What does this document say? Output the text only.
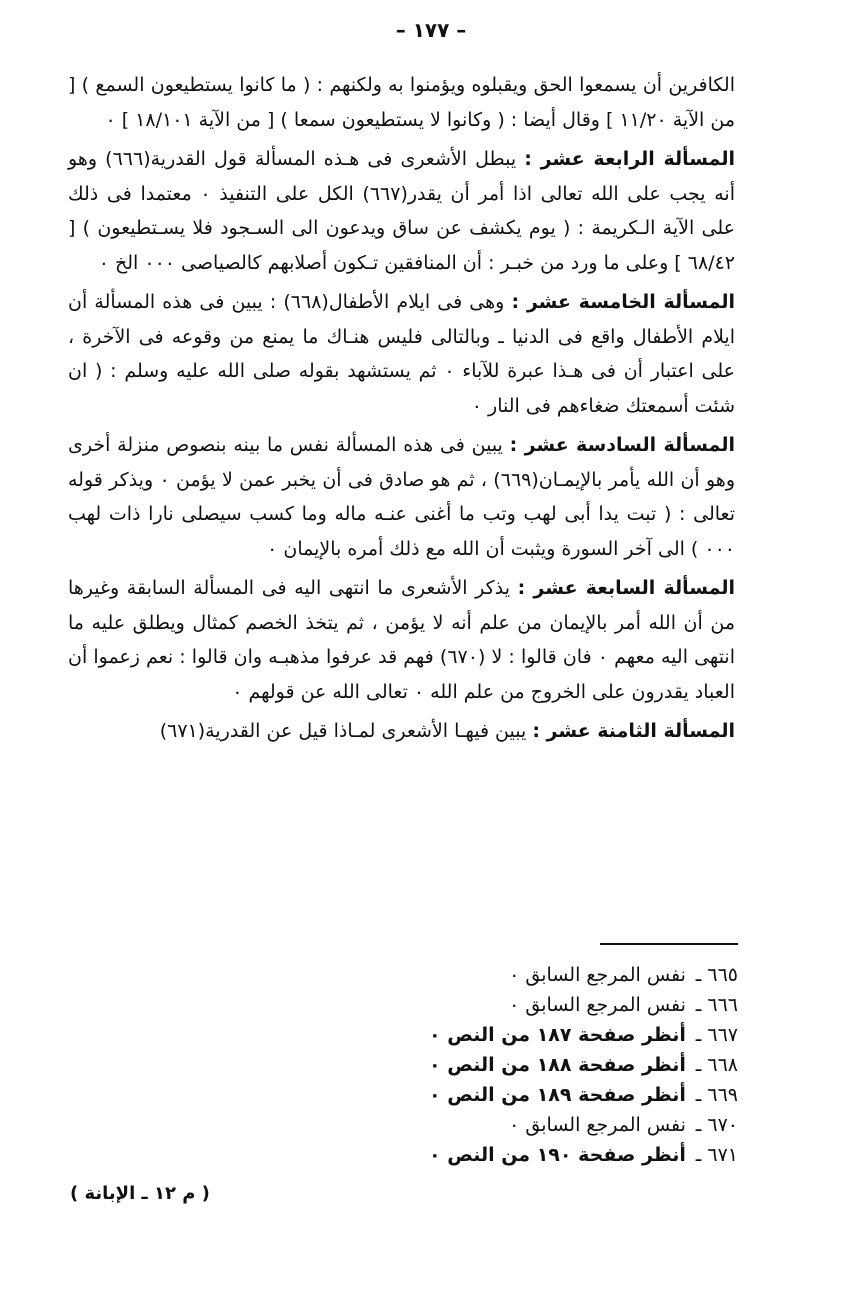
– ١٧٧ –

الكافرين أن يسمعوا الحق ويقبلوه ويؤمنوا به ولكنهم : ( ما كانوا يستطيعون السمع ) [ من الآية ١١/٢٠ ] وقال أيضا : ( وكانوا لا يستطيعون سمعا ) [ من الآية ١٨/١٠١ ] ٠

المسألة الرابعة عشر : يبطل الأشعرى فى هـذه المسألة قول القدرية(٦٦٦) وهو أنه يجب على الله تعالى اذا أمر أن يقدر(٦٦٧) الكل على التنفيذ ٠ معتمدا فى ذلك على الآية الـكريمة : ( يوم يكشف عن ساق ويدعون الى السـجود فلا يسـتطيعون ) [ ٦٨/٤٢ ] وعلى ما ورد من خبـر : أن المنافقين تـكون أصلابهم كالصياصى ٠٠٠ الخ ٠

المسألة الخامسة عشر : وهى فى ايلام الأطفال(٦٦٨) : يبين فى هذه المسألة أن ايلام الأطفال واقع فى الدنيا ـ وبالتالى فليس هنـاك ما يمنع من وقوعه فى الآخرة ، على اعتبار أن فى هـذا عبرة للآباء ٠ ثم يستشهد بقوله صلى الله عليه وسلم : ( ان شئت أسمعتك ضغاءهم فى النار ٠

المسألة السادسة عشر : يبين فى هذه المسألة نفس ما بينه بنصوص منزلة أخرى وهو أن الله يأمر بالإيمـان(٦٦٩) ، ثم هو صادق فى أن يخبر عمن لا يؤمن ٠ ويذكر قوله تعالى : ( تبت يدا أبى لهب وتب ما أغنى عنـه ماله وما كسب سيصلى نارا ذات لهب ٠٠٠ ) الى آخر السورة ويثبت أن الله مع ذلك أمره بالإيمان ٠

المسألة السابعة عشر : يذكر الأشعرى ما انتهى اليه فى المسألة السابقة وغيرها من أن الله أمر بالإيمان من علم أنه لا يؤمن ، ثم يتخذ الخصم كمثال ويطلق عليه ما انتهى اليه معهم ٠ فان قالوا : لا (٦٧٠) فهم قد عرفوا مذهبـه وان قالوا : نعم زعموا أن العباد يقدرون على الخروج من علم الله ٠ تعالى الله عن قولهم ٠

المسألة الثامنة عشر : يبين فيهـا الأشعرى لمـاذا قيل عن القدرية(٦٧١)

٦٦٥ ـ نفس المرجع السابق ٠
٦٦٦ ـ نفس المرجع السابق ٠
٦٦٧ ـ أنظر صفحة ١٨٧ من النص ٠
٦٦٨ ـ أنظر صفحة ١٨٨ من النص ٠
٦٦٩ ـ أنظر صفحة ١٨٩ من النص ٠
٦٧٠ ـ نفس المرجع السابق ٠
٦٧١ ـ أنظر صفحة ١٩٠ من النص ٠
( م ١٢ ـ الإبانة )
